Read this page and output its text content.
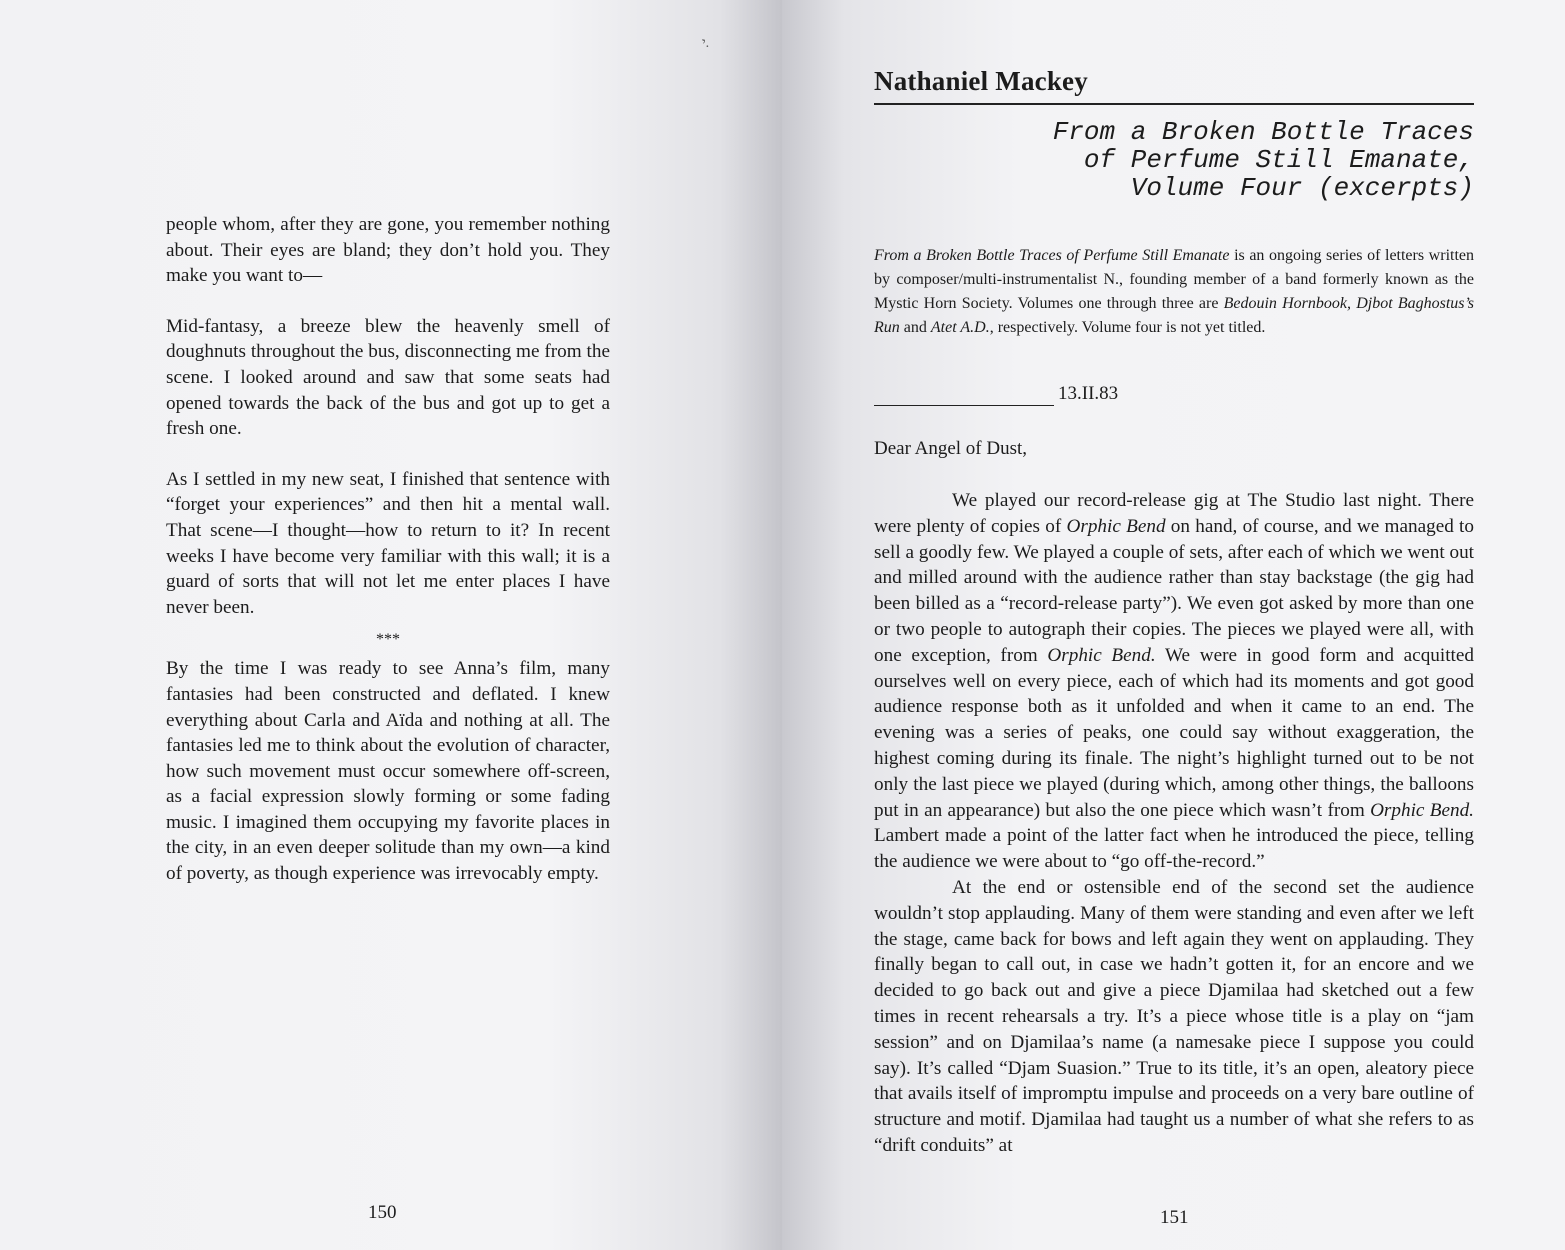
י.

people whom, after they are gone, you remember nothing about. Their eyes are bland; they don’t hold you. They make you want to—

Mid-fantasy, a breeze blew the heavenly smell of doughnuts throughout the bus, disconnecting me from the scene. I looked around and saw that some seats had opened towards the back of the bus and got up to get a fresh one.

As I settled in my new seat, I finished that sentence with “forget your experiences” and then hit a mental wall. That scene—I thought—how to return to it? In recent weeks I have become very familiar with this wall; it is a guard of sorts that will not let me enter places I have never been.

***

By the time I was ready to see Anna’s film, many fantasies had been constructed and deflated. I knew everything about Carla and Aïda and nothing at all. The fantasies led me to think about the evolution of character, how such movement must occur somewhere off-screen, as a facial expression slowly forming or some fading music. I imagined them occupying my favorite places in the city, in an even deeper solitude than my own—a kind of poverty, as though experience was irrevocably empty.

150
Nathaniel Mackey
From a Broken Bottle Traces
of Perfume Still Emanate,
Volume Four (excerpts)
From a Broken Bottle Traces of Perfume Still Emanate is an ongoing series of letters written by composer/multi-instrumentalist N., founding member of a band formerly known as the Mystic Horn Society. Volumes one through three are Bedouin Hornbook, Djbot Baghostus’s Run and Atet A.D., respectively. Volume four is not yet titled.
13.II.83
Dear Angel of Dust,

We played our record-release gig at The Studio last night. There were plenty of copies of Orphic Bend on hand, of course, and we managed to sell a goodly few. We played a couple of sets, after each of which we went out and milled around with the audience rather than stay backstage (the gig had been billed as a “record-release party”). We even got asked by more than one or two people to autograph their copies. The pieces we played were all, with one exception, from Orphic Bend. We were in good form and acquitted ourselves well on every piece, each of which had its moments and got good audience response both as it unfolded and when it came to an end. The evening was a series of peaks, one could say without exaggeration, the highest coming during its finale. The night’s highlight turned out to be not only the last piece we played (during which, among other things, the balloons put in an appearance) but also the one piece which wasn’t from Orphic Bend. Lambert made a point of the latter fact when he introduced the piece, telling the audience we were about to “go off-the-record.”

At the end or ostensible end of the second set the audience wouldn’t stop applauding. Many of them were standing and even after we left the stage, came back for bows and left again they went on applauding. They finally began to call out, in case we hadn’t gotten it, for an encore and we decided to go back out and give a piece Djamilaa had sketched out a few times in recent rehearsals a try. It’s a piece whose title is a play on “jam session” and on Djamilaa’s name (a namesake piece I suppose you could say). It’s called “Djam Suasion.” True to its title, it’s an open, aleatory piece that avails itself of impromptu impulse and proceeds on a very bare outline of structure and motif. Djamilaa had taught us a number of what she refers to as “drift conduits” at

151
